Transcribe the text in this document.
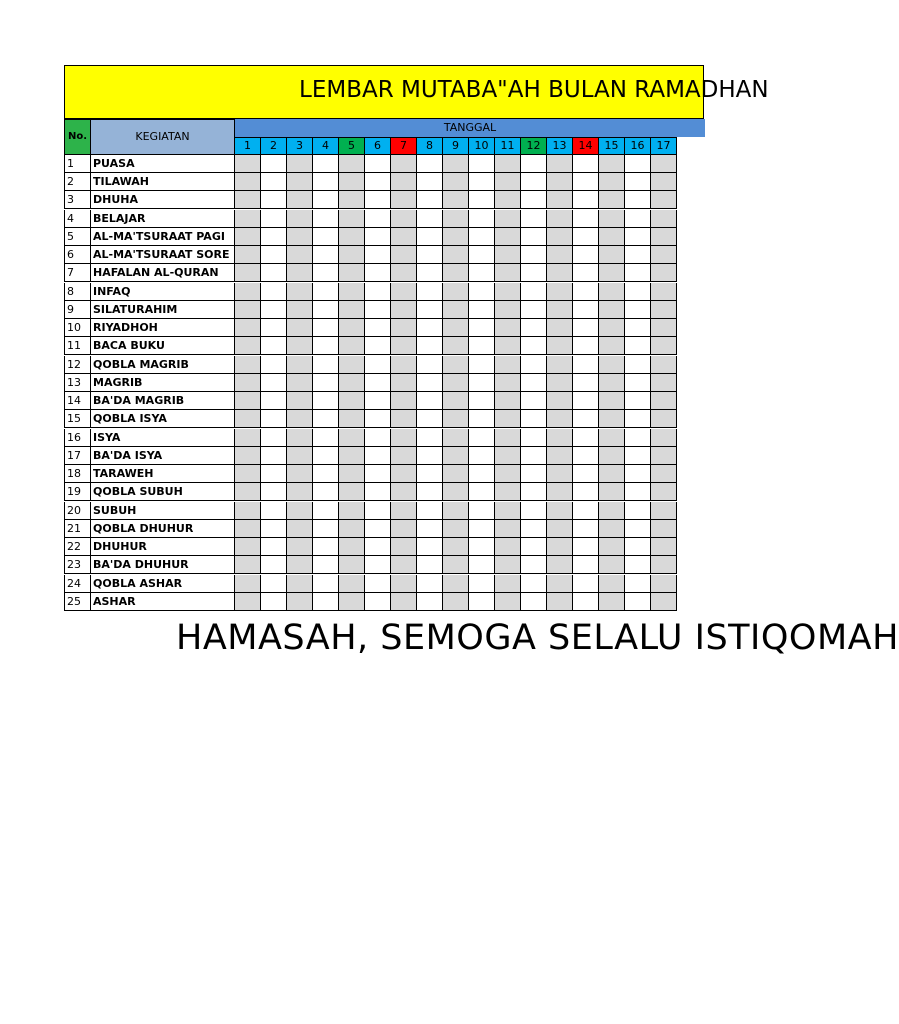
LEMBAR MUTABA"AH BULAN RAMADHAN
No.	KEGIATAN
TANGGAL
1	2	3	4	5	6	7	8	9	10	11	12	13	14	15	16	17
1	PUASA
2	TILAWAH
3	DHUHA
4	BELAJAR
5	AL-MA'TSURAAT PAGI
6	AL-MA'TSURAAT SORE
7	HAFALAN AL-QURAN
8	INFAQ
9	SILATURAHIM
10	RIYADHOH
11	BACA BUKU
12	QOBLA MAGRIB
13	MAGRIB
14	BA'DA MAGRIB
15	QOBLA ISYA
16	ISYA
17	BA'DA ISYA
18	TARAWEH
19	QOBLA SUBUH
20	SUBUH
21	QOBLA DHUHUR
22	DHUHUR
23	BA'DA DHUHUR
24	QOBLA ASHAR
25	ASHAR
HAMASAH, SEMOGA SELALU ISTIQOMAH
